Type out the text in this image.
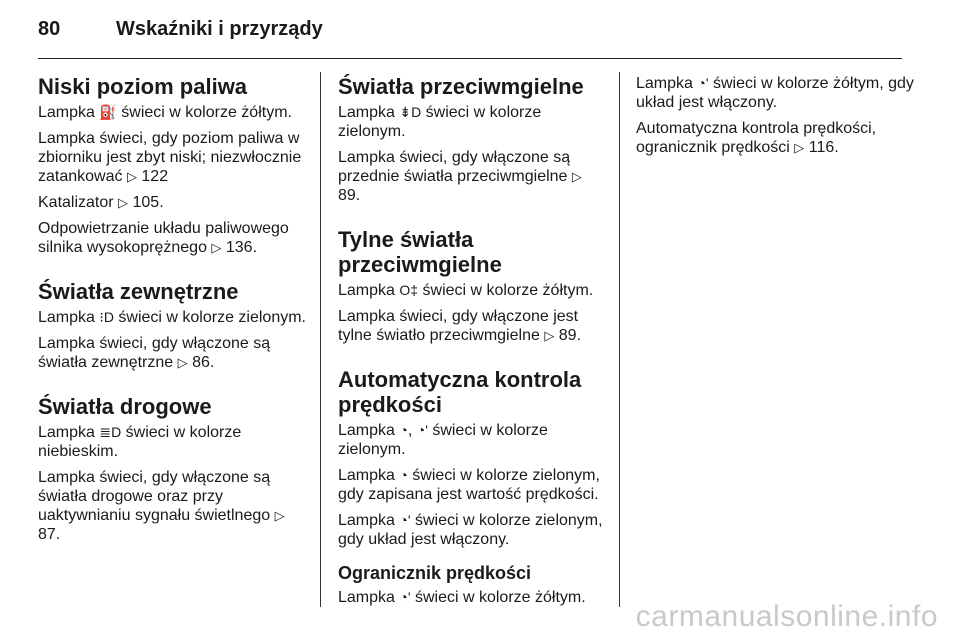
80	Wskaźniki i przyrządy
Niski poziom paliwa

Lampka ⛽ świeci w kolorze żółtym.

Lampka świeci, gdy poziom paliwa w zbiorniku jest zbyt niski; niezwłocznie zatankować ▷ 122

Katalizator ▷ 105.

Odpowietrzanie układu paliwowego silnika wysokoprężnego ▷ 136.

Światła zewnętrzne

Lampka ⁝D świeci w kolorze zielonym.

Lampka świeci, gdy włączone są światła zewnętrzne ▷ 86.

Światła drogowe

Lampka ≣D świeci w kolorze niebieskim.

Lampka świeci, gdy włączone są światła drogowe oraz przy uaktywnianiu sygnału świetlnego ▷ 87.

Światła przeciwmgielne

Lampka ⇟D świeci w kolorze zielonym.

Lampka świeci, gdy włączone są przednie światła przeciwmgielne ▷ 89.

Tylne światła przeciwmgielne

Lampka O‡ świeci w kolorze żółtym.

Lampka świeci, gdy włączone jest tylne światło przeciwmgielne ▷ 89.

Automatyczna kontrola prędkości

Lampka ◔, ◔ʹ świeci w kolorze zielonym.

Lampka ◔ świeci w kolorze zielonym, gdy zapisana jest wartość prędkości.

Lampka ◔ʹ świeci w kolorze zielonym, gdy układ jest włączony.

Ogranicznik prędkości

Lampka ◔ʹ świeci w kolorze żółtym.

Lampka ◔ʹ świeci w kolorze żółtym, gdy układ jest włączony.

Automatyczna kontrola prędkości, ogranicznik prędkości ▷ 116.

carmanualsonline.info
